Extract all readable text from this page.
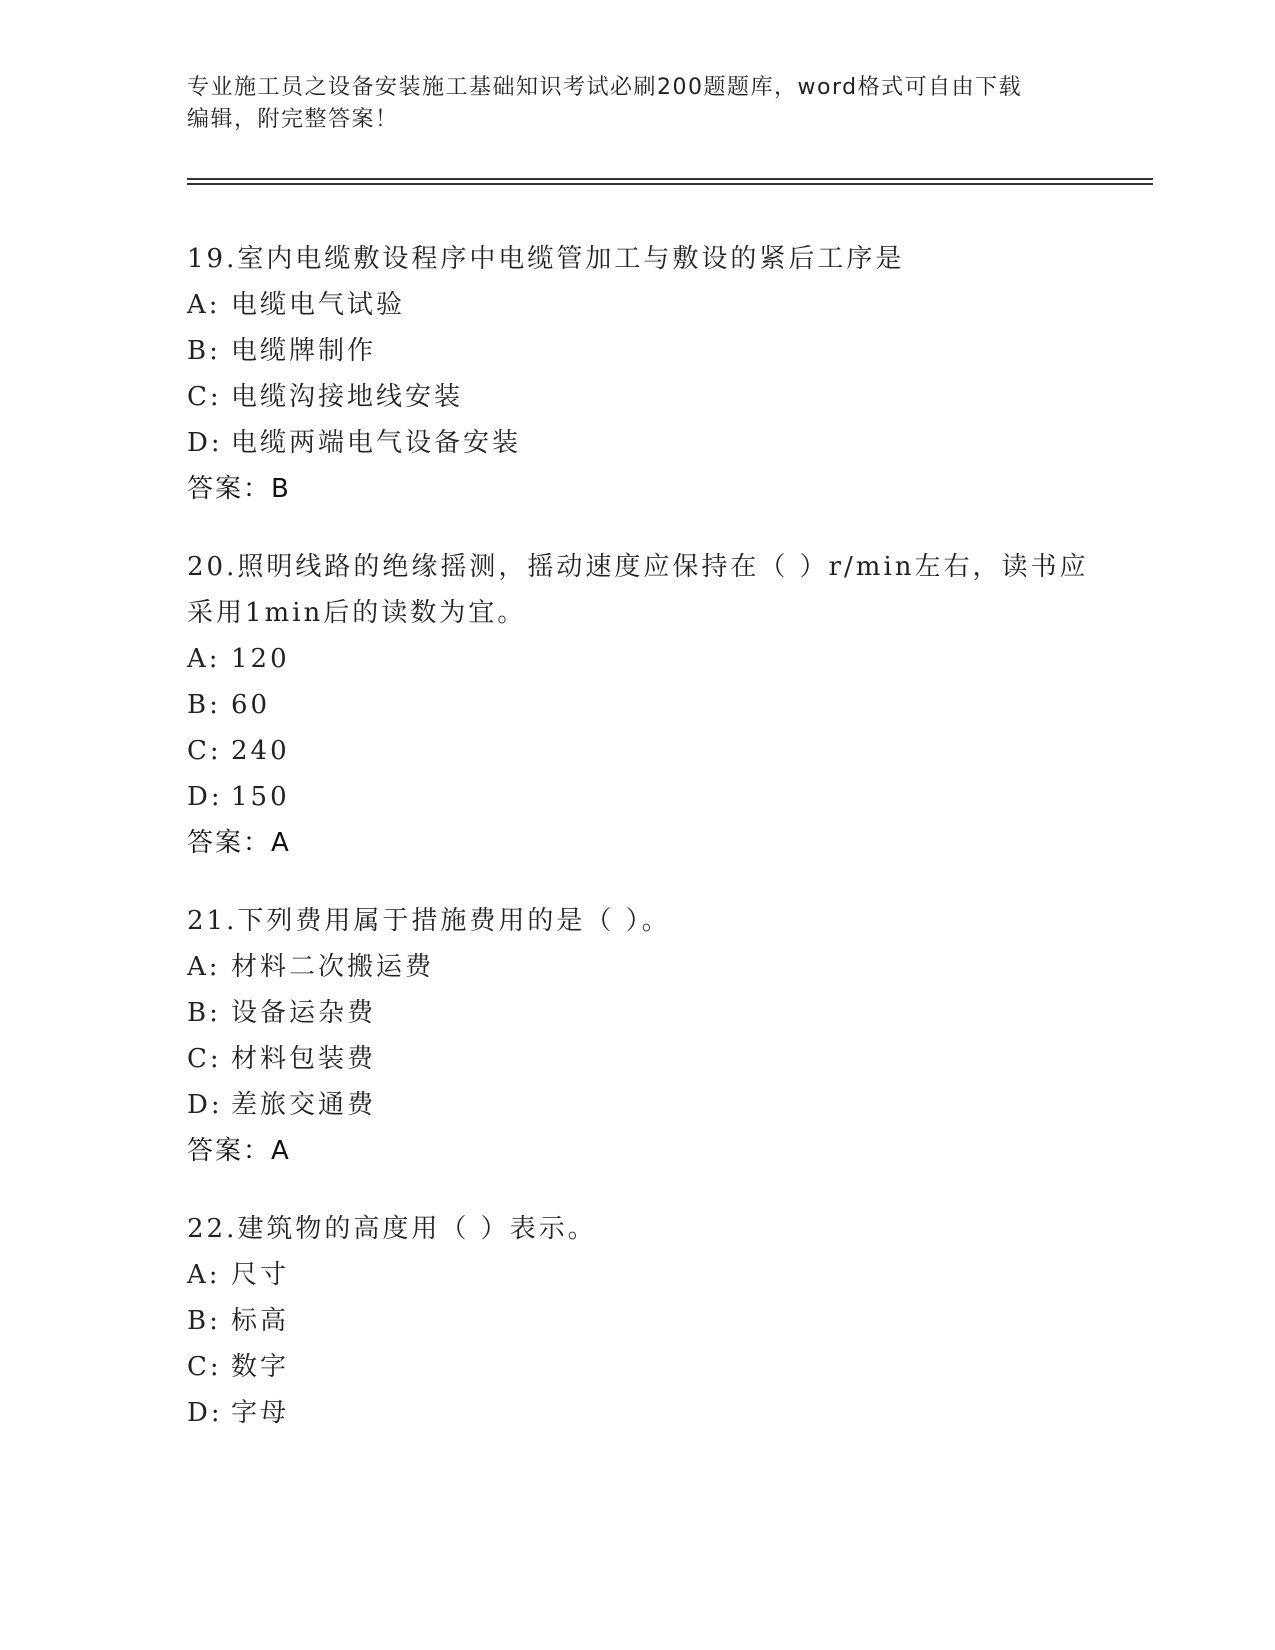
专业施工员之设备安装施工基础知识考试必刷200题题库，word格式可自由下载
编辑，附完整答案！
19.室内电缆敷设程序中电缆管加工与敷设的紧后工序是
A: 电缆电气试验
B: 电缆牌制作
C: 电缆沟接地线安装
D: 电缆两端电气设备安装
答案：B
20.照明线路的绝缘摇测，摇动速度应保持在（ ）r/min左右，读书应
采用1min后的读数为宜。
A: 120
B: 60
C: 240
D: 150
答案：A
21.下列费用属于措施费用的是（ ）。
A: 材料二次搬运费
B: 设备运杂费
C: 材料包装费
D: 差旅交通费
答案：A
22.建筑物的高度用（ ）表示。
A: 尺寸
B: 标高
C: 数字
D: 字母
